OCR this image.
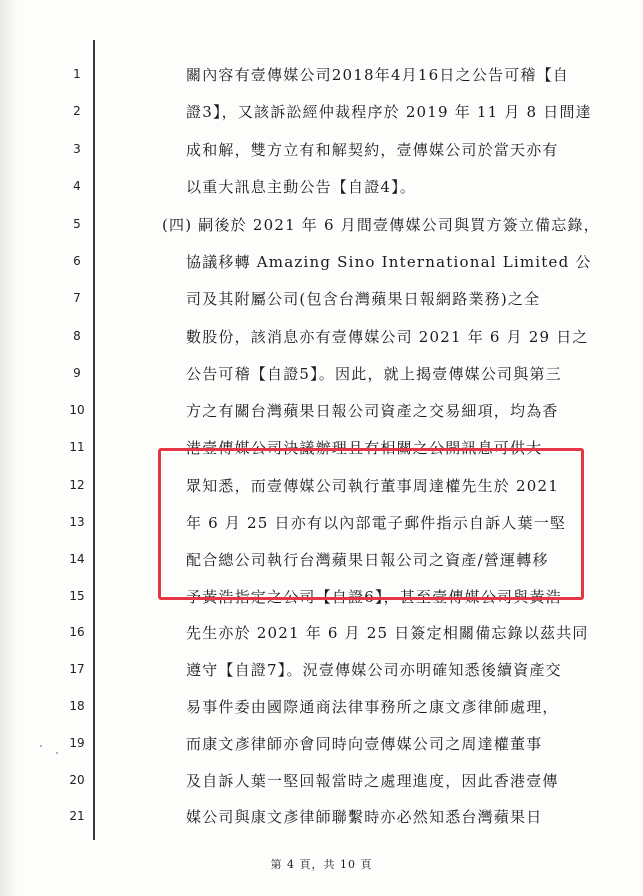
1
2
3
4
5
6
7
8
9
10
11
12
13
14
15
16
17
18
19
20
21
關內容有壹傳媒公司2018年4月16日之公告可稽【自
證3】，又該訴訟經仲裁程序於 2019 年 11 月 8 日間達
成和解，雙方立有和解契約，壹傳媒公司於當天亦有
以重大訊息主動公告【自證4】。
(四) 嗣後於 2021 年 6 月間壹傳媒公司與買方簽立備忘錄，
協議移轉 Amazing Sino International Limited 公
司及其附屬公司(包含台灣蘋果日報網路業務)之全
數股份，該消息亦有壹傳媒公司 2021 年 6 月 29 日之
公告可稽【自證5】。因此，就上揭壹傳媒公司與第三
方之有關台灣蘋果日報公司資產之交易細項，均為香
港壹傳媒公司決議辦理且有相關之公開訊息可供大
眾知悉，而壹傳媒公司執行董事周達權先生於 2021
年 6 月 25 日亦有以內部電子郵件指示自訴人葉一堅
配合總公司執行台灣蘋果日報公司之資產/營運轉移
予黃浩指定之公司【自證6】，甚至壹傳媒公司與黃浩
先生亦於 2021 年 6 月 25 日簽定相關備忘錄以茲共同
遵守【自證7】。況壹傳媒公司亦明確知悉後續資產交
易事件委由國際通商法律事務所之康文彥律師處理，
而康文彥律師亦會同時向壹傳媒公司之周達權董事
及自訴人葉一堅回報當時之處理進度，因此香港壹傳
媒公司與康文彥律師聯繫時亦必然知悉台灣蘋果日
第 4 頁，共 10 頁
